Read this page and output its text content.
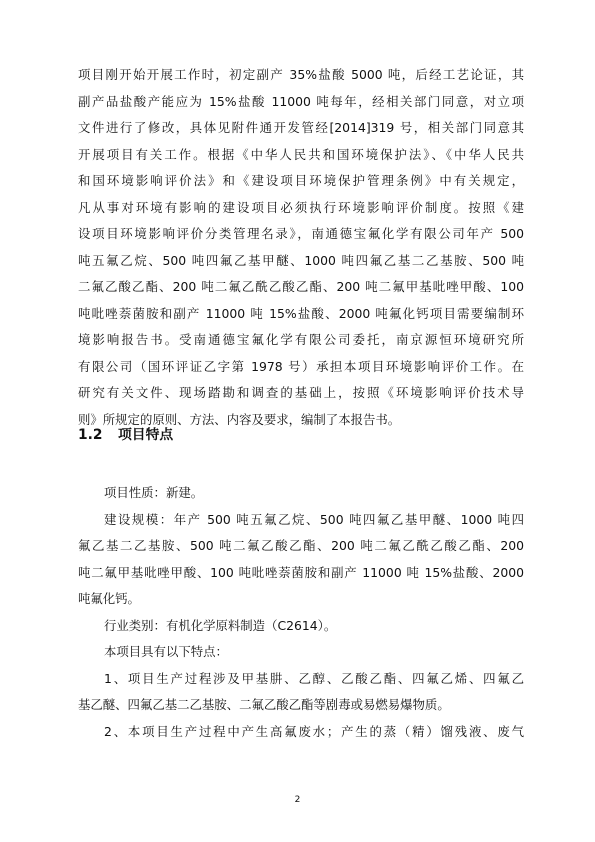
项目刚开始开展工作时，初定副产 35%盐酸 5000 吨，后经工艺论证，其
副产品盐酸产能应为 15%盐酸 11000 吨每年，经相关部门同意，对立项
文件进行了修改，具体见附件通开发管经[2014]319 号，相关部门同意其
开展项目有关工作。根据《中华人民共和国环境保护法》、《中华人民共
和国环境影响评价法》和《建设项目环境保护管理条例》中有关规定，
凡从事对环境有影响的建设项目必须执行环境影响评价制度。按照《建
设项目环境影响评价分类管理名录》，南通德宝氟化学有限公司年产 500
吨五氟乙烷、500 吨四氟乙基甲醚、1000 吨四氟乙基二乙基胺、500 吨
二氟乙酸乙酯、200 吨二氟乙酰乙酸乙酯、200 吨二氟甲基吡唑甲酸、100
吨吡唑萘菌胺和副产 11000 吨 15%盐酸、2000 吨氟化钙项目需要编制环
境影响报告书。受南通德宝氟化学有限公司委托，南京源恒环境研究所
有限公司（国环评证乙字第 1978 号）承担本项目环境影响评价工作。在
研究有关文件、现场踏勘和调查的基础上，按照《环境影响评价技术导
则》所规定的原则、方法、内容及要求，编制了本报告书。
1.2 项目特点
项目性质：新建。
建设规模：年产 500 吨五氟乙烷、500 吨四氟乙基甲醚、1000 吨四
氟乙基二乙基胺、500 吨二氟乙酸乙酯、200 吨二氟乙酰乙酸乙酯、200
吨二氟甲基吡唑甲酸、100 吨吡唑萘菌胺和副产 11000 吨 15%盐酸、2000
吨氟化钙。
行业类别：有机化学原料制造（C2614）。
本项目具有以下特点：
1、项目生产过程涉及甲基肼、乙醇、乙酸乙酯、四氟乙烯、四氟乙
基乙醚、四氟乙基二乙基胺、二氟乙酸乙酯等剧毒或易燃易爆物质。
2、本项目生产过程中产生高氟废水；产生的蒸（精）馏残液、废气
2
